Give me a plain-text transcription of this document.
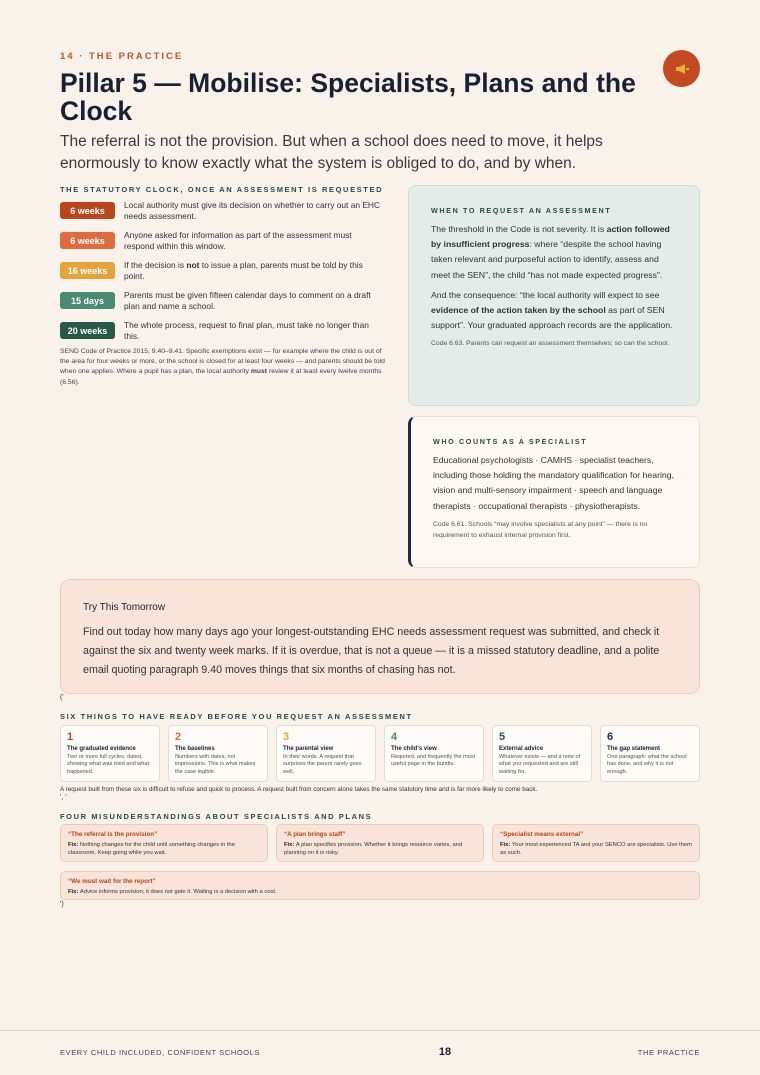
14 · THE PRACTICE
Pillar 5 — Mobilise: Specialists, Plans and the Clock

The referral is not the provision. But when a school does need to move, it helps enormously to know exactly what the system is obliged to do, and by when.

THE STATUTORY CLOCK, ONCE AN ASSESSMENT IS REQUESTED
6 weeks
Local authority must give its decision on whether to carry out an EHC needs assessment.
6 weeks
Anyone asked for information as part of the assessment must respond within this window.
16 weeks
If the decision is not to issue a plan, parents must be told by this point.
15 days
Parents must be given fifteen calendar days to comment on a draft plan and name a school.
20 weeks
The whole process, request to final plan, must take no longer than this.
SEND Code of Practice 2015, 9.40–9.41. Specific exemptions exist — for example where the child is out of the area for four weeks or more, or the school is closed for at least four weeks — and parents should be told when one applies. Where a pupil has a plan, the local authority must review it at least every twelve months (6.56).
WHEN TO REQUEST AN ASSESSMENT

The threshold in the Code is not severity. It is action followed by insufficient progress: where “despite the school having taken relevant and purposeful action to identify, assess and meet the SEN”, the child “has not made expected progress”.

And the consequence: “the local authority will expect to see evidence of the action taken by the school as part of SEN support”. Your graduated approach records are the application.

Code 6.63. Parents can request an assessment themselves; so can the school.
WHO COUNTS AS A SPECIALIST

Educational psychologists · CAMHS · specialist teachers, including those holding the mandatory qualification for hearing, vision and multi-sensory impairment · speech and language therapists · occupational therapists · physiotherapists.

Code 6.61. Schools “may involve specialists at any point” — there is no requirement to exhaust internal provision first.
Try This Tomorrow

Find out today how many days ago your longest-outstanding EHC needs assessment request was submitted, and check it against the six and twenty week marks. If it is overdue, that is not a queue — it is a missed statutory deadline, and a polite email quoting paragraph 9.40 moves things that six months of chasing has not.

('
SIX THINGS TO HAVE READY BEFORE YOU REQUEST AN ASSESSMENT
1
The graduated evidence
Two or more full cycles, dated, showing what was tried and what happened.
2
The baselines
Numbers with dates, not impressions. This is what makes the case legible.
3
The parental view
In their words. A request that surprises the parent rarely goes well.
4
The child's view
Required, and frequently the most useful page in the bundle.
5
External advice
Whatever exists — and a note of what you requested and are still waiting for.
6
The gap statement
One paragraph: what the school has done, and why it is not enough.
A request built from these six is difficult to refuse and quick to process. A request built from concern alone takes the same statutory time and is far more likely to come back.
', '
FOUR MISUNDERSTANDINGS ABOUT SPECIALISTS AND PLANS
“The referral is the provision”
Fix: Nothing changes for the child until something changes in the classroom. Keep going while you wait.
“A plan brings staff”
Fix: A plan specifies provision. Whether it brings resource varies, and planning on it is risky.
“Specialist means external”
Fix: Your most experienced TA and your SENCO are specialists. Use them as such.
“We must wait for the report”
Fix: Advice informs provision; it does not gate it. Waiting is a decision with a cost.
')
EVERY CHILD INCLUDED, CONFIDENT SCHOOLS	18	THE PRACTICE
